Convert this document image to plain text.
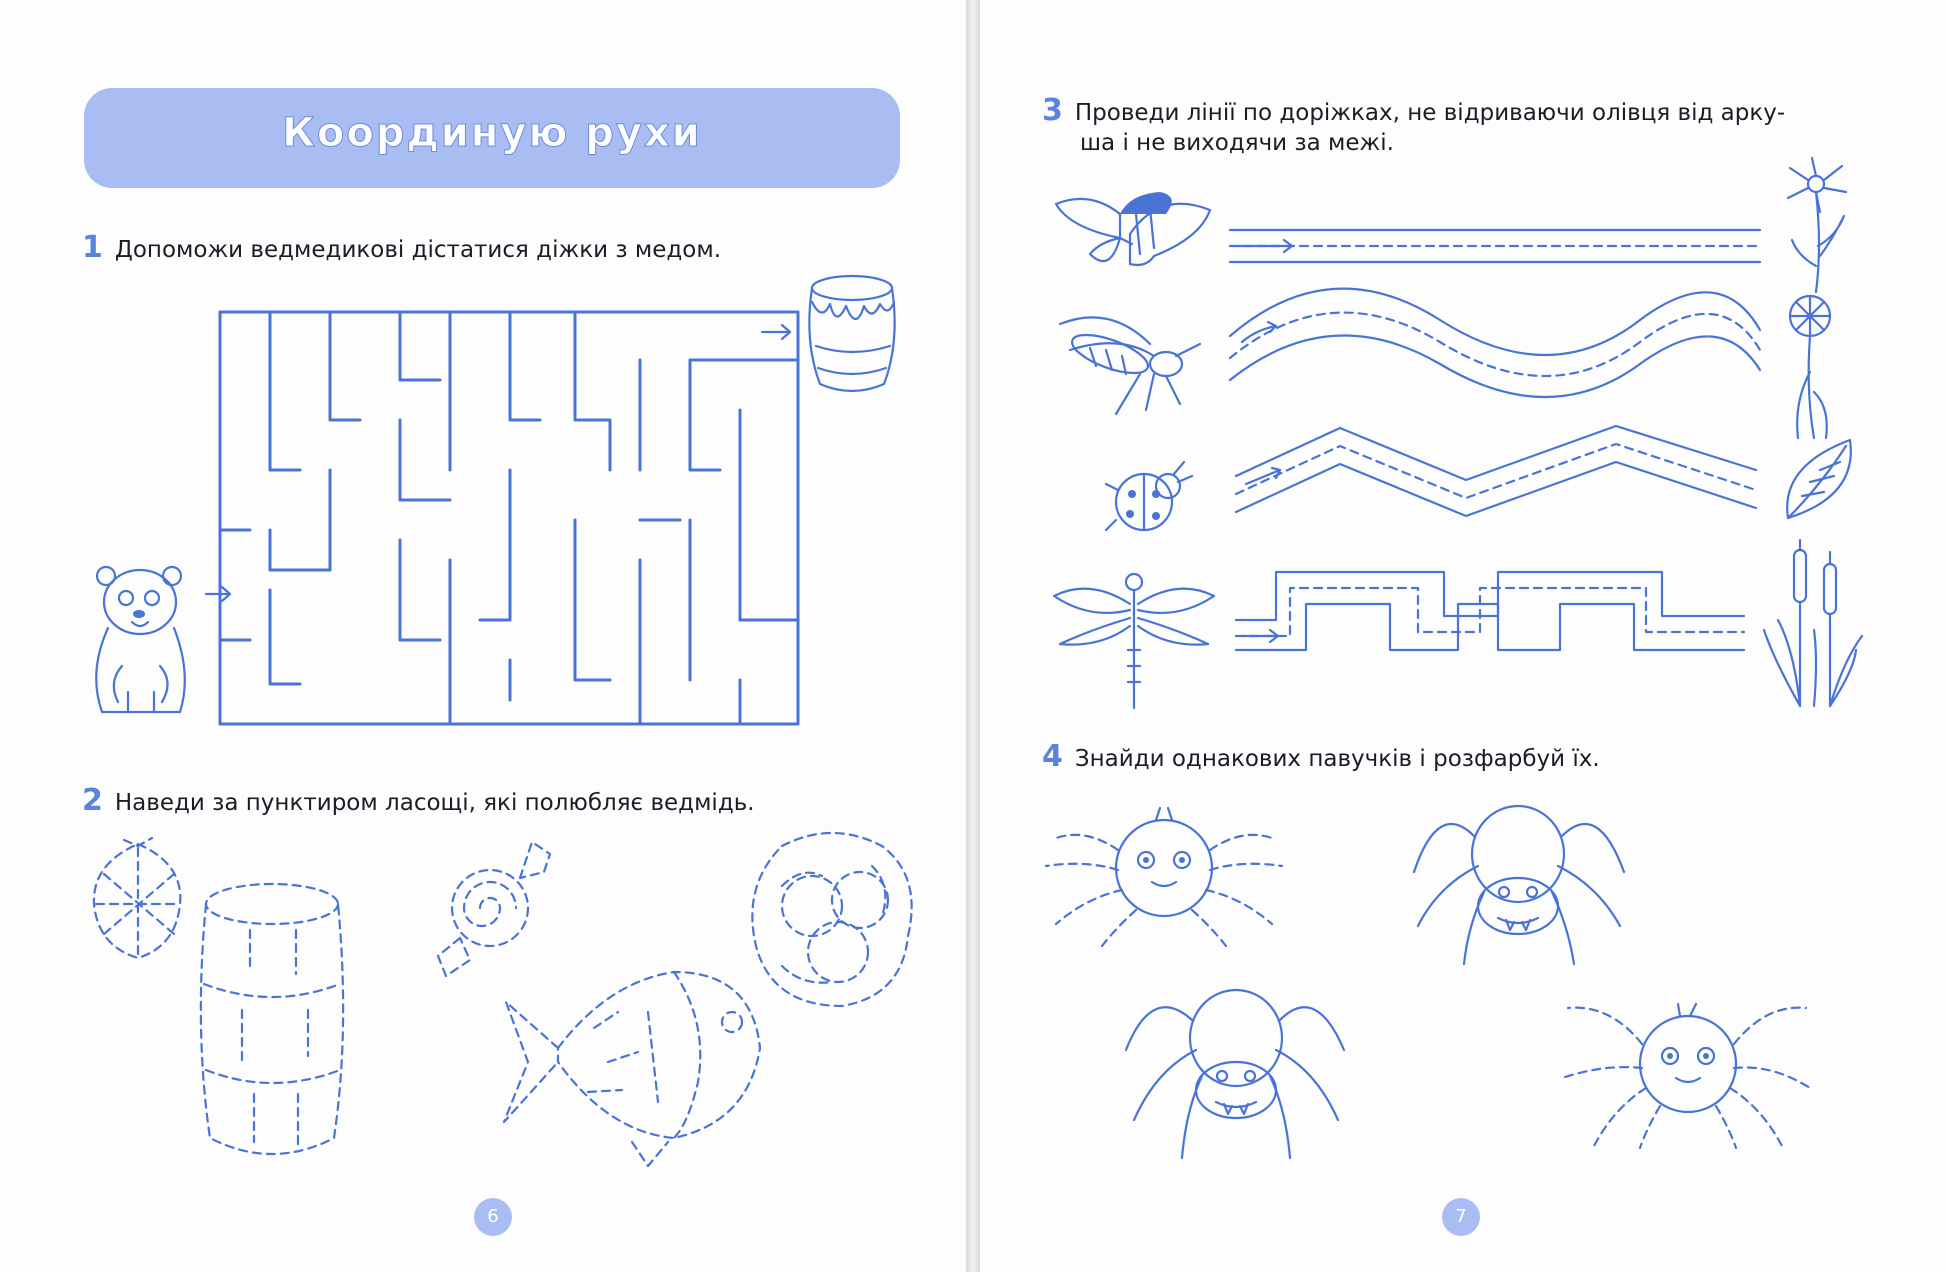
Координую рухи
1 Допоможи ведмедикові дістатися діжки з медом.
2 Наведи за пунктиром ласощі, які полюбляє ведмідь.
6
3 Проведи лінії по доріжках, не відриваючи олівця від арку-
ша і не виходячи за межі.
4 Знайди однакових павучків і розфарбуй їх.
7
